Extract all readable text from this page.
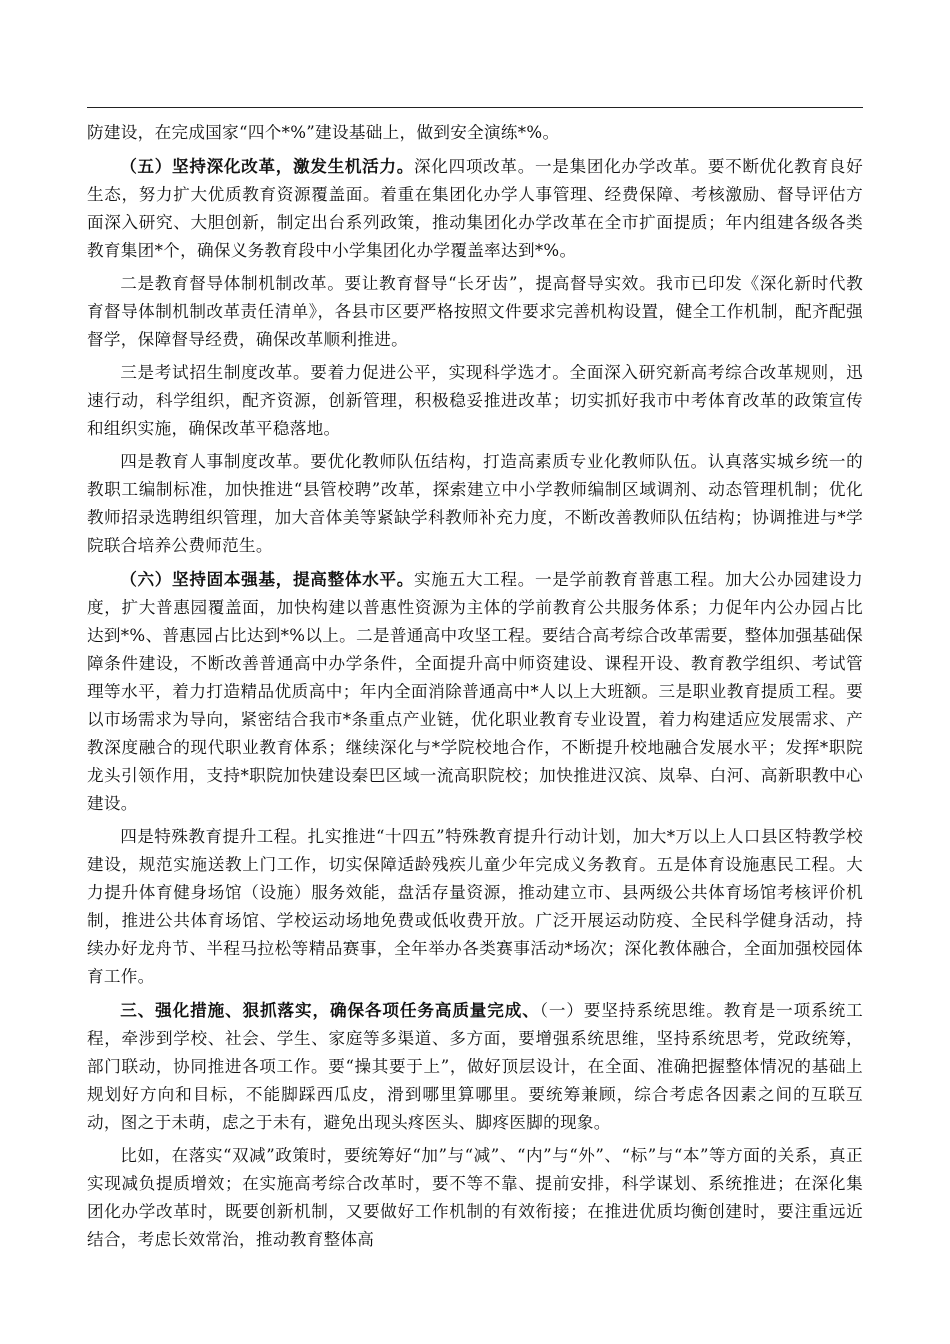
防建设，在完成国家“四个*%”建设基础上，做到安全演练*%。

（五）坚持深化改革，激发生机活力。深化四项改革。一是集团化办学改革。要不断优化教育良好生态，努力扩大优质教育资源覆盖面。着重在集团化办学人事管理、经费保障、考核激励、督导评估方面深入研究、大胆创新，制定出台系列政策，推动集团化办学改革在全市扩面提质；年内组建各级各类教育集团*个，确保义务教育段中小学集团化办学覆盖率达到*%。

二是教育督导体制机制改革。要让教育督导“长牙齿”，提高督导实效。我市已印发《深化新时代教育督导体制机制改革责任清单》，各县市区要严格按照文件要求完善机构设置，健全工作机制，配齐配强督学，保障督导经费，确保改革顺利推进。

三是考试招生制度改革。要着力促进公平，实现科学选才。全面深入研究新高考综合改革规则，迅速行动，科学组织，配齐资源，创新管理，积极稳妥推进改革；切实抓好我市中考体育改革的政策宣传和组织实施，确保改革平稳落地。

四是教育人事制度改革。要优化教师队伍结构，打造高素质专业化教师队伍。认真落实城乡统一的教职工编制标准，加快推进“县管校聘”改革，探索建立中小学教师编制区域调剂、动态管理机制；优化教师招录选聘组织管理，加大音体美等紧缺学科教师补充力度，不断改善教师队伍结构；协调推进与*学院联合培养公费师范生。

（六）坚持固本强基，提高整体水平。实施五大工程。一是学前教育普惠工程。加大公办园建设力度，扩大普惠园覆盖面，加快构建以普惠性资源为主体的学前教育公共服务体系；力促年内公办园占比达到*%、普惠园占比达到*%以上。二是普通高中攻坚工程。要结合高考综合改革需要，整体加强基础保障条件建设，不断改善普通高中办学条件，全面提升高中师资建设、课程开设、教育教学组织、考试管理等水平，着力打造精品优质高中；年内全面消除普通高中*人以上大班额。三是职业教育提质工程。要以市场需求为导向，紧密结合我市*条重点产业链，优化职业教育专业设置，着力构建适应发展需求、产教深度融合的现代职业教育体系；继续深化与*学院校地合作，不断提升校地融合发展水平；发挥*职院龙头引领作用，支持*职院加快建设秦巴区域一流高职院校；加快推进汉滨、岚皋、白河、高新职教中心建设。

四是特殊教育提升工程。扎实推进“十四五”特殊教育提升行动计划，加大*万以上人口县区特教学校建设，规范实施送教上门工作，切实保障适龄残疾儿童少年完成义务教育。五是体育设施惠民工程。大力提升体育健身场馆（设施）服务效能，盘活存量资源，推动建立市、县两级公共体育场馆考核评价机制，推进公共体育场馆、学校运动场地免费或低收费开放。广泛开展运动防疫、全民科学健身活动，持续办好龙舟节、半程马拉松等精品赛事，全年举办各类赛事活动*场次；深化教体融合，全面加强校园体育工作。

三、强化措施、狠抓落实，确保各项任务高质量完成、（一）要坚持系统思维。教育是一项系统工程，牵涉到学校、社会、学生、家庭等多渠道、多方面，要增强系统思维，坚持系统思考，党政统筹，部门联动，协同推进各项工作。要“操其要于上”，做好顶层设计，在全面、准确把握整体情况的基础上规划好方向和目标，不能脚踩西瓜皮，滑到哪里算哪里。要统筹兼顾，综合考虑各因素之间的互联互动，图之于未萌，虑之于未有，避免出现头疼医头、脚疼医脚的现象。

比如，在落实“双减”政策时，要统筹好“加”与“减”、“内”与“外”、“标”与“本”等方面的关系，真正实现减负提质增效；在实施高考综合改革时，要不等不靠、提前安排，科学谋划、系统推进；在深化集团化办学改革时，既要创新机制，又要做好工作机制的有效衔接；在推进优质均衡创建时，要注重远近结合，考虑长效常治，推动教育整体高
